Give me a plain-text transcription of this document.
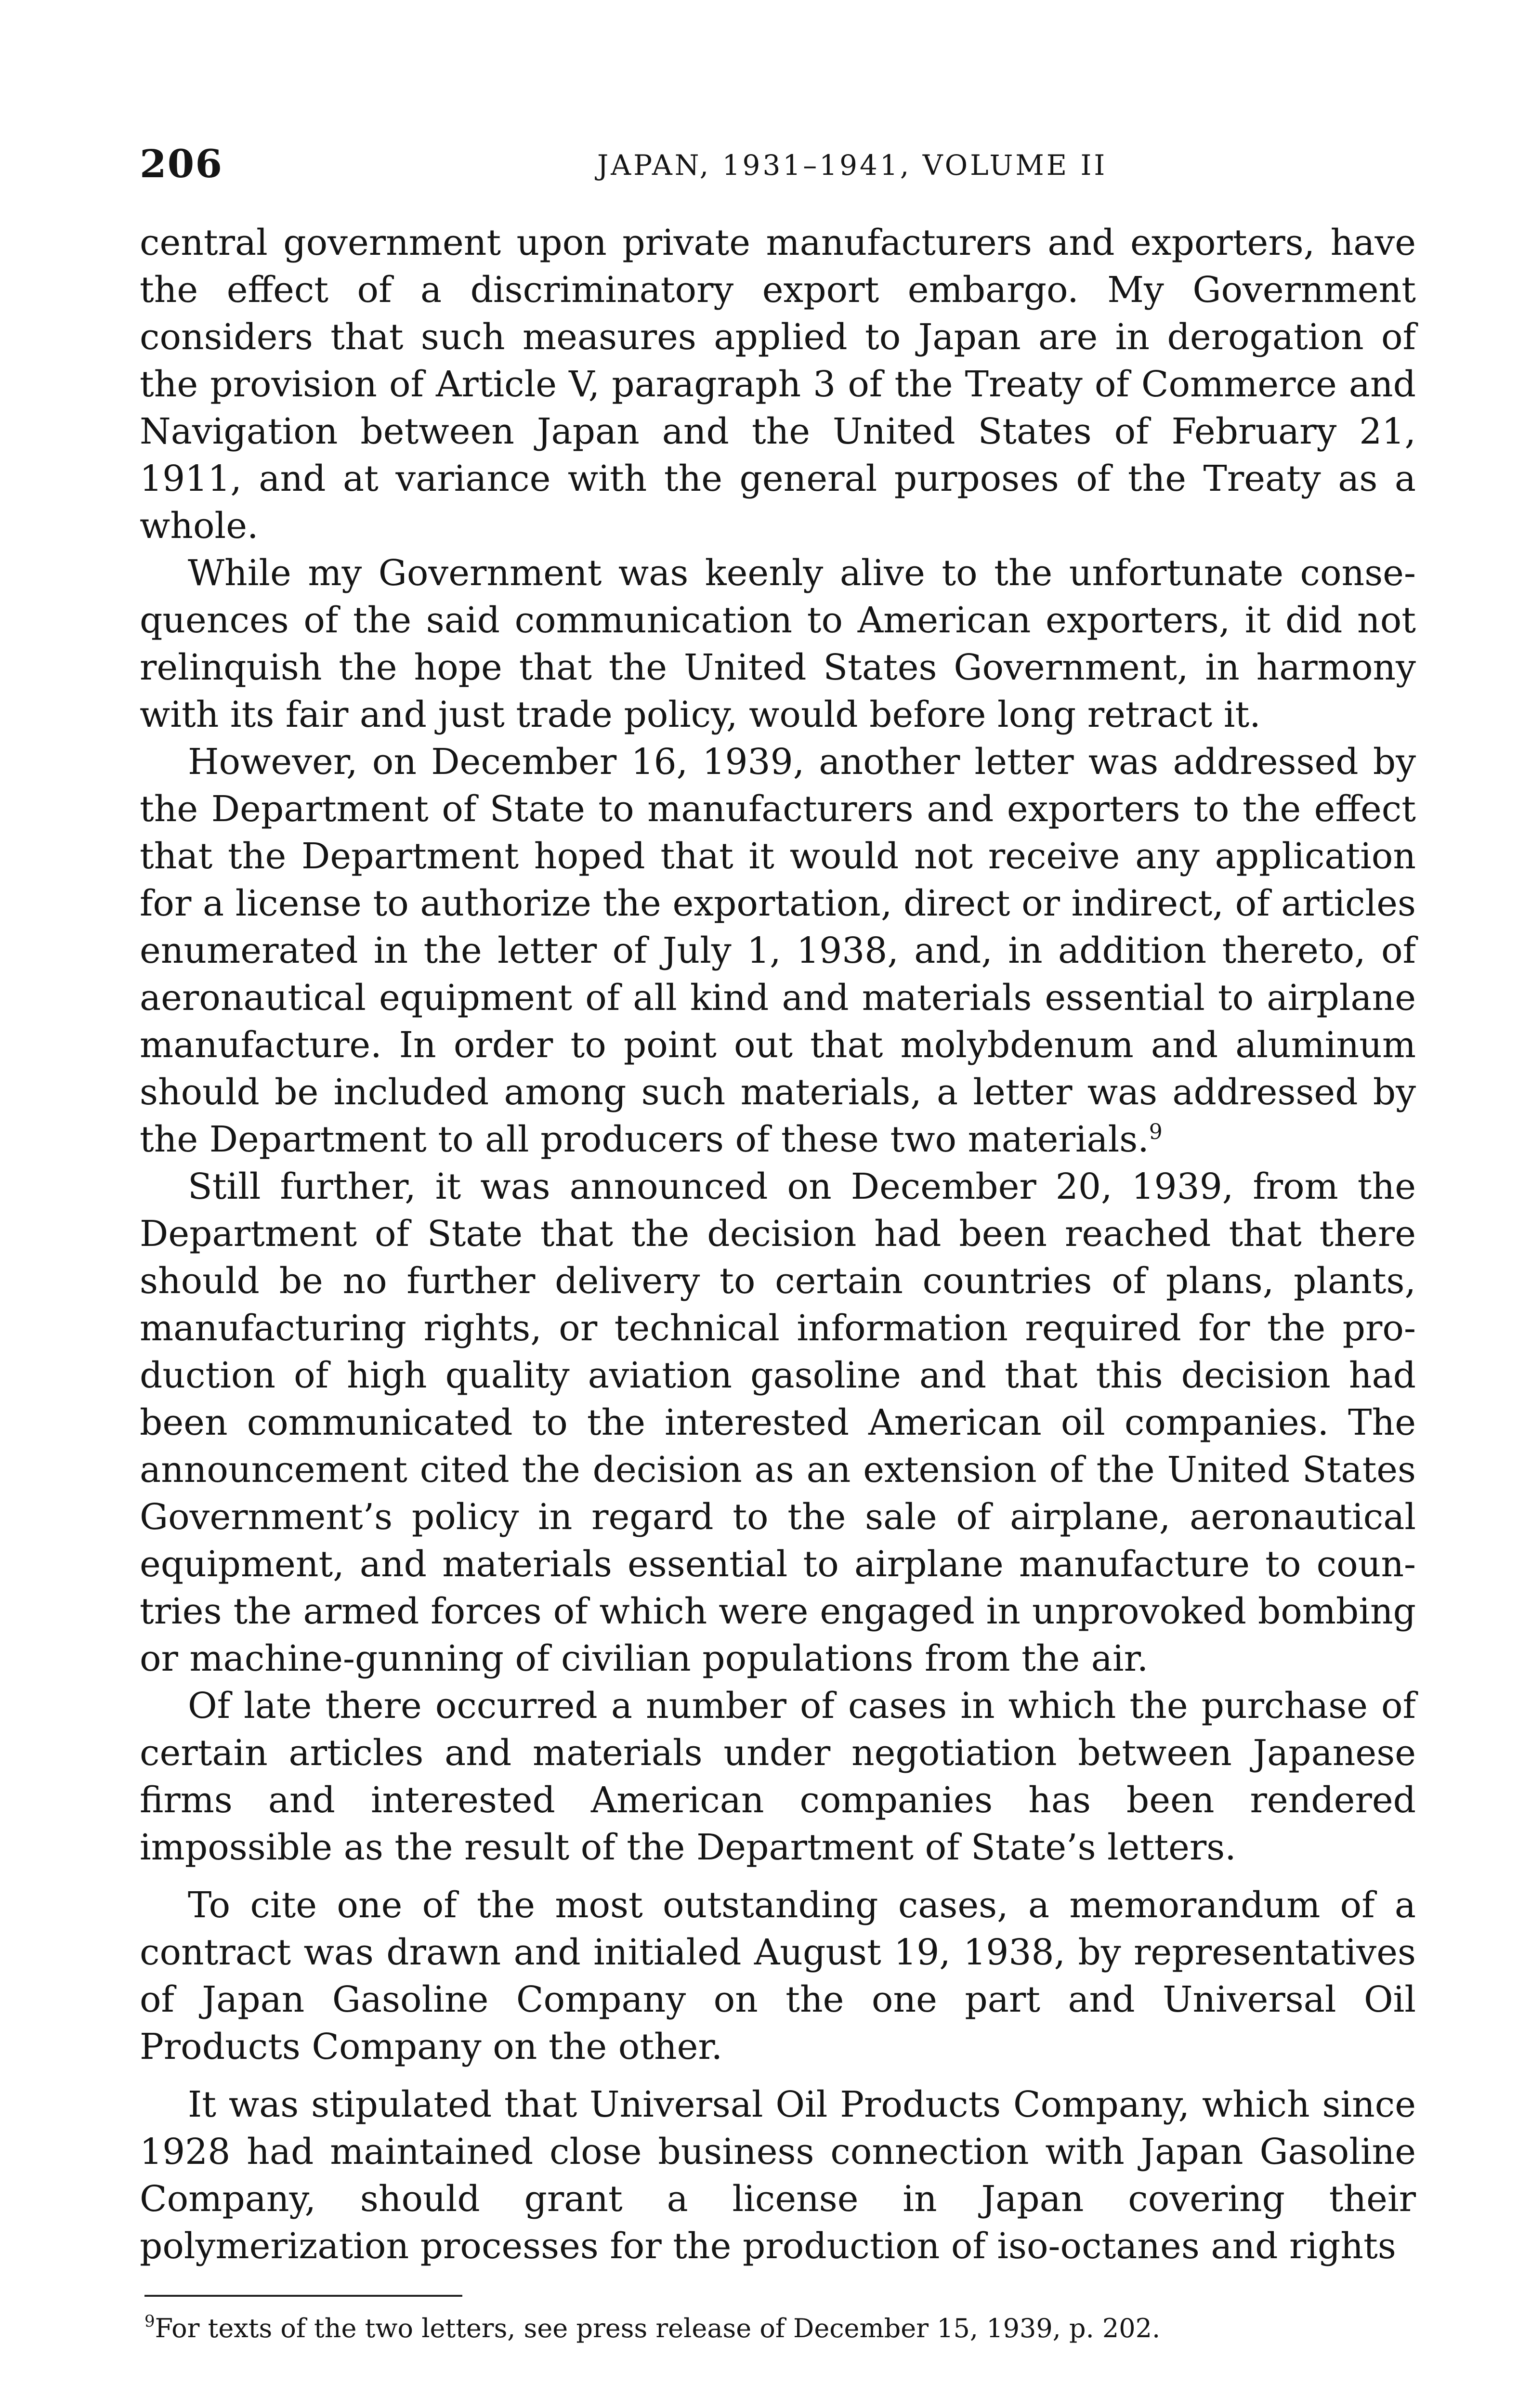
206	JAPAN, 1931–1941, VOLUME II

central government upon private manufacturers and exporters, have the effect of a discriminatory export embargo. My Government considers that such measures applied to Japan are in derogation of the provision of Article V, paragraph 3 of the Treaty of Commerce and Navigation between Japan and the United States of February 21, 1911, and at variance with the general purposes of the Treaty as a whole.

While my Government was keenly alive to the unfortunate consequences of the said communication to American exporters, it did not relinquish the hope that the United States Government, in harmony with its fair and just trade policy, would before long retract it.

However, on December 16, 1939, another letter was addressed by the Department of State to manufacturers and exporters to the effect that the Department hoped that it would not receive any application for a license to authorize the exportation, direct or indirect, of articles enumerated in the letter of July 1, 1938, and, in addition thereto, of aeronautical equipment of all kind and materials essential to airplane manufacture. In order to point out that molybdenum and aluminum should be included among such materials, a letter was addressed by the Department to all producers of these two materials.$^9$

Still further, it was announced on December 20, 1939, from the Department of State that the decision had been reached that there should be no further delivery to certain countries of plans, plants, manufacturing rights, or technical information required for the production of high quality aviation gasoline and that this decision had been communicated to the interested American oil companies. The announcement cited the decision as an extension of the United States Government’s policy in regard to the sale of airplane, aeronautical equipment, and materials essential to airplane manufacture to countries the armed forces of which were engaged in unprovoked bombing or machine-gunning of civilian populations from the air.

Of late there occurred a number of cases in which the purchase of certain articles and materials under negotiation between Japanese firms and interested American companies has been rendered impossible as the result of the Department of State’s letters.

To cite one of the most outstanding cases, a memorandum of a contract was drawn and initialed August 19, 1938, by representatives of Japan Gasoline Company on the one part and Universal Oil Products Company on the other.

It was stipulated that Universal Oil Products Company, which since 1928 had maintained close business connection with Japan Gasoline Company, should grant a license in Japan covering their polymerization processes for the production of iso-octanes and rights

$^9$For texts of the two letters, see press release of December 15, 1939, p. 202.
